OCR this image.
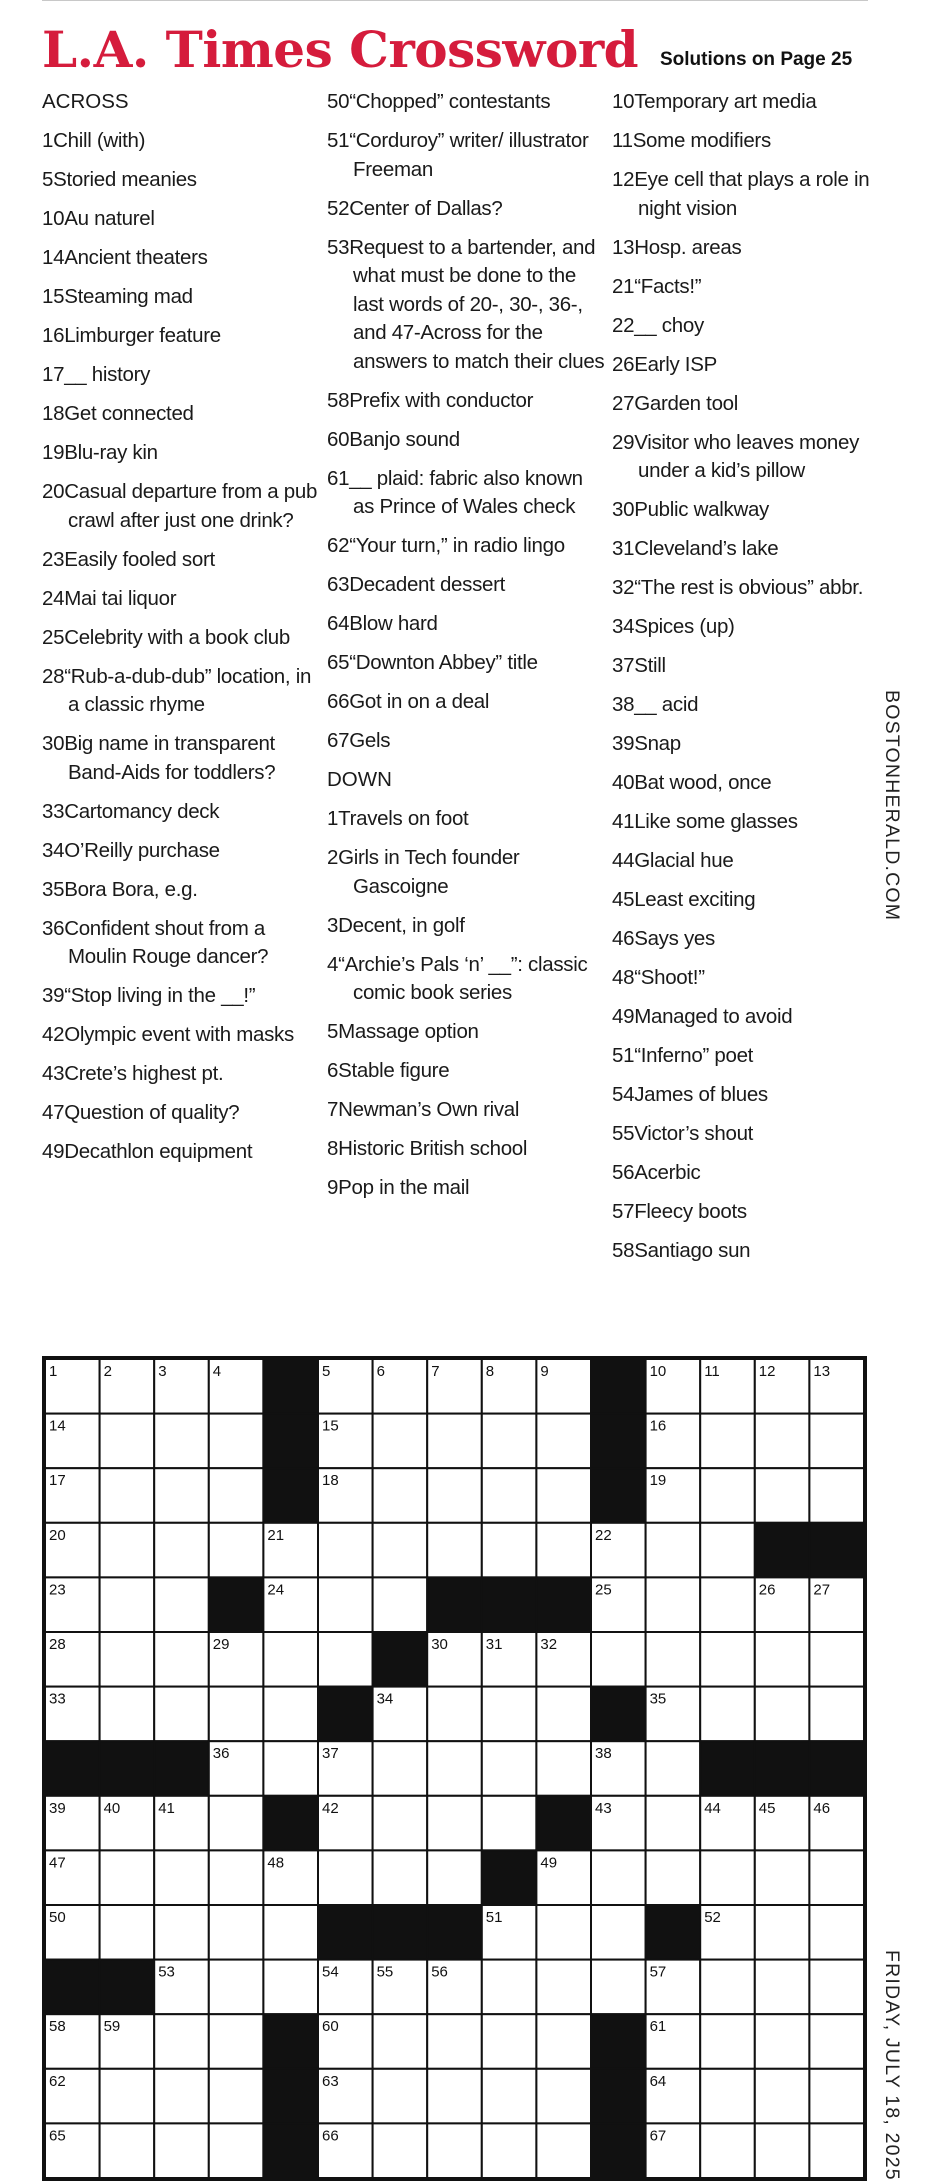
L.A. Times Crossword Solutions on Page 25
ACROSS
1Chill (with)
5Storied meanies
10Au naturel
14Ancient theaters
15Steaming mad
16Limburger feature
17__ history
18Get connected
19Blu-ray kin
20Casual departure from a pub crawl after just one drink?
23Easily fooled sort
24Mai tai liquor
25Celebrity with a book club
28“Rub-a-dub-dub” location, in a classic rhyme
30Big name in transparent Band-Aids for toddlers?
33Cartomancy deck
34O’Reilly purchase
35Bora Bora, e.g.
36Confident shout from a Moulin Rouge dancer?
39“Stop living in the __!”
42Olympic event with masks
43Crete’s highest pt.
47Question of quality?
49Decathlon equipment
50“Chopped” contestants
51“Corduroy” writer/ illustrator Freeman
52Center of Dallas?
53Request to a bartender, and what must be done to the last words of 20-, 30-, 36-, and 47-Across for the answers to match their clues
58Prefix with conductor
60Banjo sound
61__ plaid: fabric also known as Prince of Wales check
62“Your turn,” in radio lingo
63Decadent dessert
64Blow hard
65“Downton Abbey” title
66Got in on a deal
67Gels
DOWN
1Travels on foot
2Girls in Tech founder Gascoigne
3Decent, in golf
4“Archie’s Pals ‘n’ __”: classic comic book series
5Massage option
6Stable figure
7Newman’s Own rival
8Historic British school
9Pop in the mail
10Temporary art media
11Some modifiers
12Eye cell that plays a role in night vision
13Hosp. areas
21“Facts!”
22__ choy
26Early ISP
27Garden tool
29Visitor who leaves money under a kid’s pillow
30Public walkway
31Cleveland’s lake
32“The rest is obvious” abbr.
34Spices (up)
37Still
38__ acid
39Snap
40Bat wood, once
41Like some glasses
44Glacial hue
45Least exciting
46Says yes
48“Shoot!”
49Managed to avoid
51“Inferno” poet
54James of blues
55Victor’s shout
56Acerbic
57Fleecy boots
58Santiago sun
BOSTONHERALD.COM
FRIDAY, JULY 18, 2025
1	2	3	4	5	6	7	8	9	10	11	12	13
14	15	16
17	18	19
20	21	22
23	24	25	26	27
28	29	30	31	32
33	34	35
36	37	38
39	40	41	42	43	44	45	46
47	48	49
50	51	52
53	54	55	56	57
58	59	60	61
62	63	64
65	66	67
